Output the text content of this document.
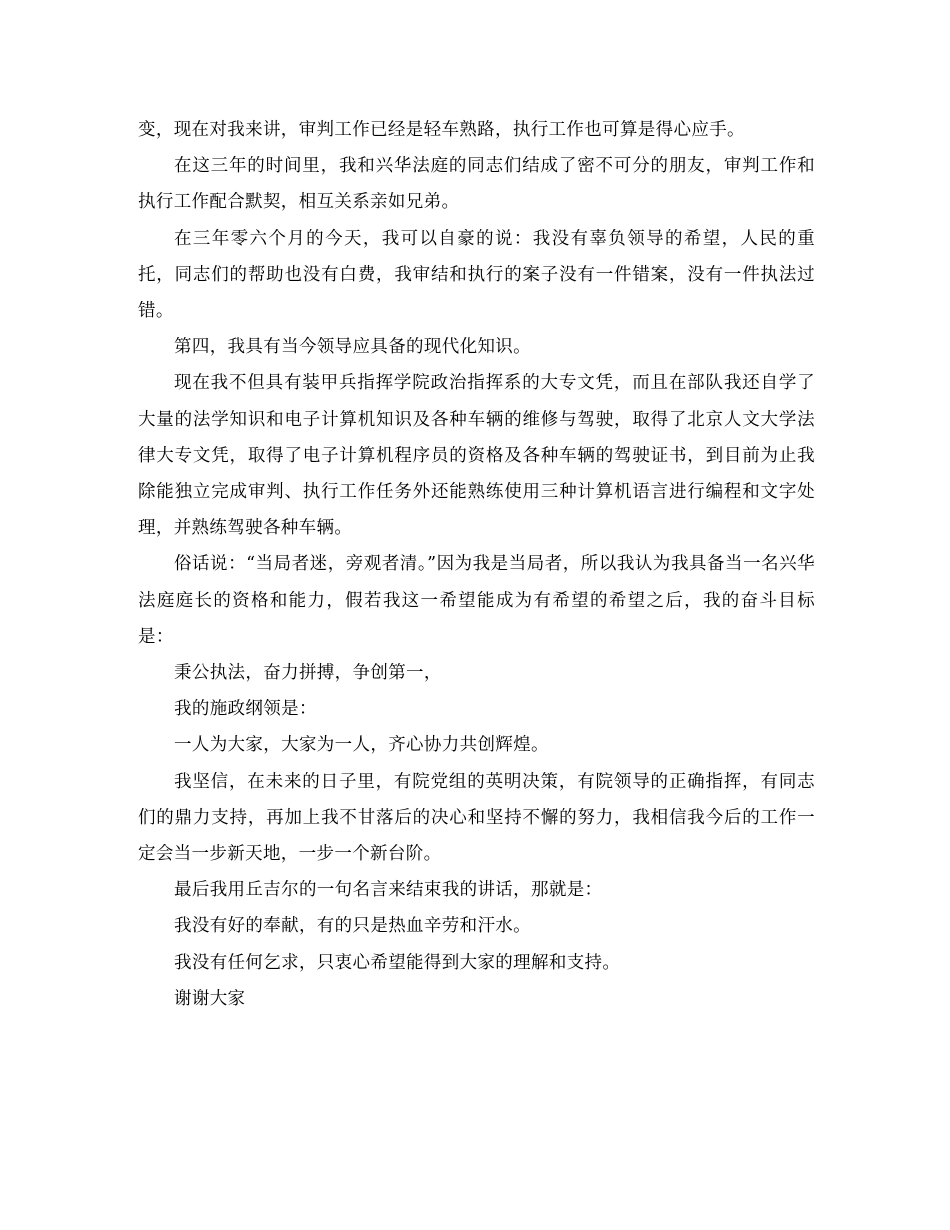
变，现在对我来讲，审判工作已经是轻车熟路，执行工作也可算是得心应手。

在这三年的时间里，我和兴华法庭的同志们结成了密不可分的朋友，审判工作和执行工作配合默契，相互关系亲如兄弟。

在三年零六个月的今天，我可以自豪的说：我没有辜负领导的希望，人民的重托，同志们的帮助也没有白费，我审结和执行的案子没有一件错案，没有一件执法过错。

第四，我具有当今领导应具备的现代化知识。

现在我不但具有装甲兵指挥学院政治指挥系的大专文凭，而且在部队我还自学了大量的法学知识和电子计算机知识及各种车辆的维修与驾驶，取得了北京人文大学法律大专文凭，取得了电子计算机程序员的资格及各种车辆的驾驶证书，到目前为止我除能独立完成审判、执行工作任务外还能熟练使用三种计算机语言进行编程和文字处理，并熟练驾驶各种车辆。

俗话说：“当局者迷，旁观者清。”因为我是当局者，所以我认为我具备当一名兴华法庭庭长的资格和能力，假若我这一希望能成为有希望的希望之后，我的奋斗目标是：

秉公执法，奋力拼搏，争创第一，

我的施政纲领是：

一人为大家，大家为一人，齐心协力共创辉煌。

我坚信，在未来的日子里，有院党组的英明决策，有院领导的正确指挥，有同志们的鼎力支持，再加上我不甘落后的决心和坚持不懈的努力，我相信我今后的工作一定会当一步新天地，一步一个新台阶。

最后我用丘吉尔的一句名言来结束我的讲话，那就是：

我没有好的奉献，有的只是热血辛劳和汗水。

我没有任何乞求，只衷心希望能得到大家的理解和支持。

谢谢大家
